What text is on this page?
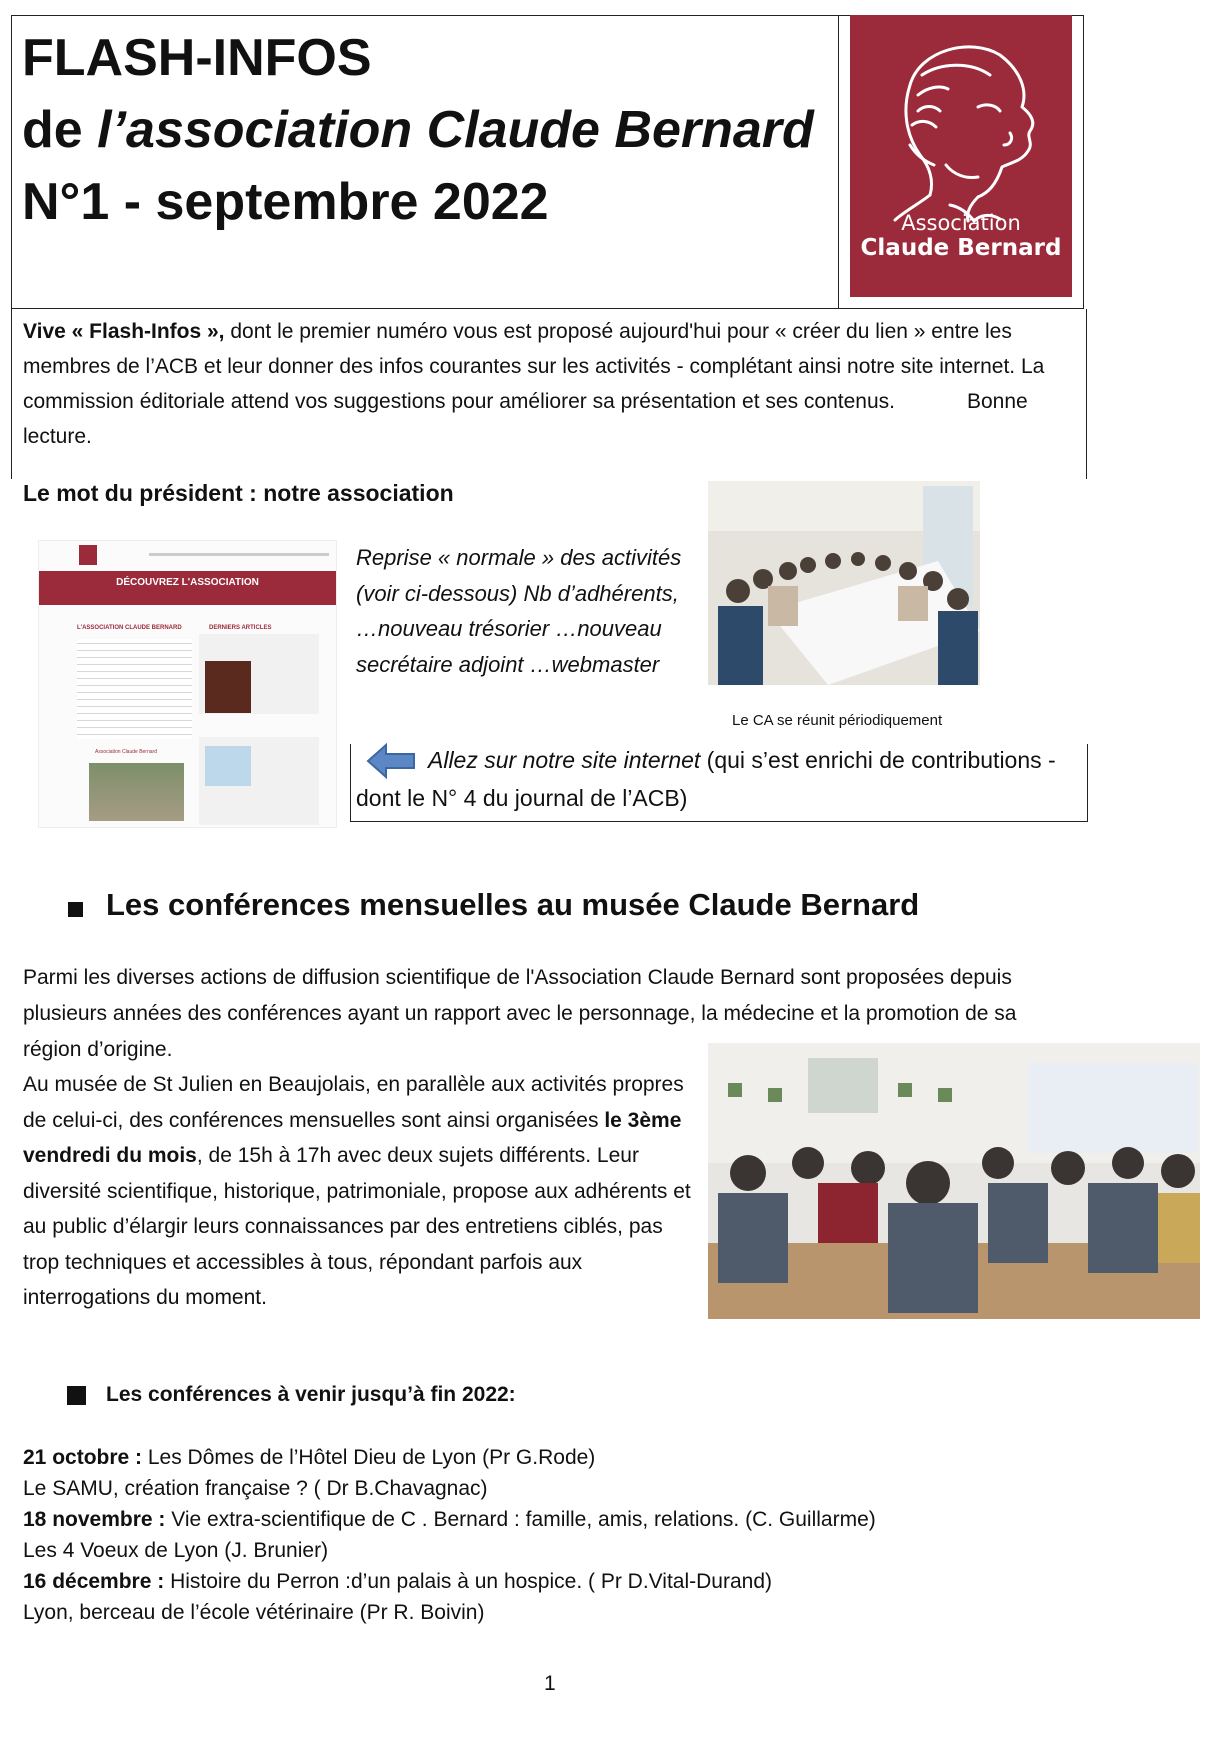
FLASH-INFOS
de l’association Claude Bernard
N°1 - septembre 2022	Association
Claude Bernard
Vive « Flash-Infos », dont le premier numéro vous est proposé aujourd'hui pour « créer du lien » entre les membres de l’ACB et leur donner des infos courantes sur les activités - complétant ainsi notre site internet. La commission éditoriale attend vos suggestions pour améliorer sa présentation et ses contenus.	Bonne lecture.
Le mot du président : notre association
DÉCOUVREZ L'ASSOCIATION
L'ASSOCIATION CLAUDE BERNARD	DERNIERS ARTICLES
Association Claude Bernard
Le CA se réunit périodiquement
Reprise « normale » des activités (voir ci-dessous) Nb d’adhérents, …nouveau trésorier …nouveau secrétaire adjoint …webmaster
Allez sur notre site internet (qui s’est enrichi de contributions - dont le N° 4 du journal de l’ACB)
Les conférences mensuelles au musée Claude Bernard
Parmi les diverses actions de diffusion scientifique de l'Association Claude Bernard sont proposées depuis plusieurs années des conférences ayant un rapport avec le personnage, la médecine et la promotion de sa région d’origine.
Au musée de St Julien en Beaujolais, en parallèle aux activités propres de celui-ci, des conférences mensuelles sont ainsi organisées le 3ème vendredi du mois, de 15h à 17h avec deux sujets différents. Leur diversité scientifique, historique, patrimoniale, propose aux adhérents et au public d’élargir leurs connaissances par des entretiens ciblés, pas trop techniques et accessibles à tous, répondant parfois aux interrogations du moment.
Les conférences à venir jusqu’à fin 2022:
21 octobre : Les Dômes de l’Hôtel Dieu de Lyon (Pr G.Rode)
Le SAMU, création française ? ( Dr B.Chavagnac)
18 novembre : Vie extra-scientifique de C . Bernard : famille, amis, relations. (C. Guillarme)
Les 4 Voeux de Lyon (J. Brunier)
16 décembre : Histoire du Perron :d’un palais à un hospice. ( Pr D.Vital-Durand)
Lyon, berceau de l’école vétérinaire (Pr R. Boivin)
1
